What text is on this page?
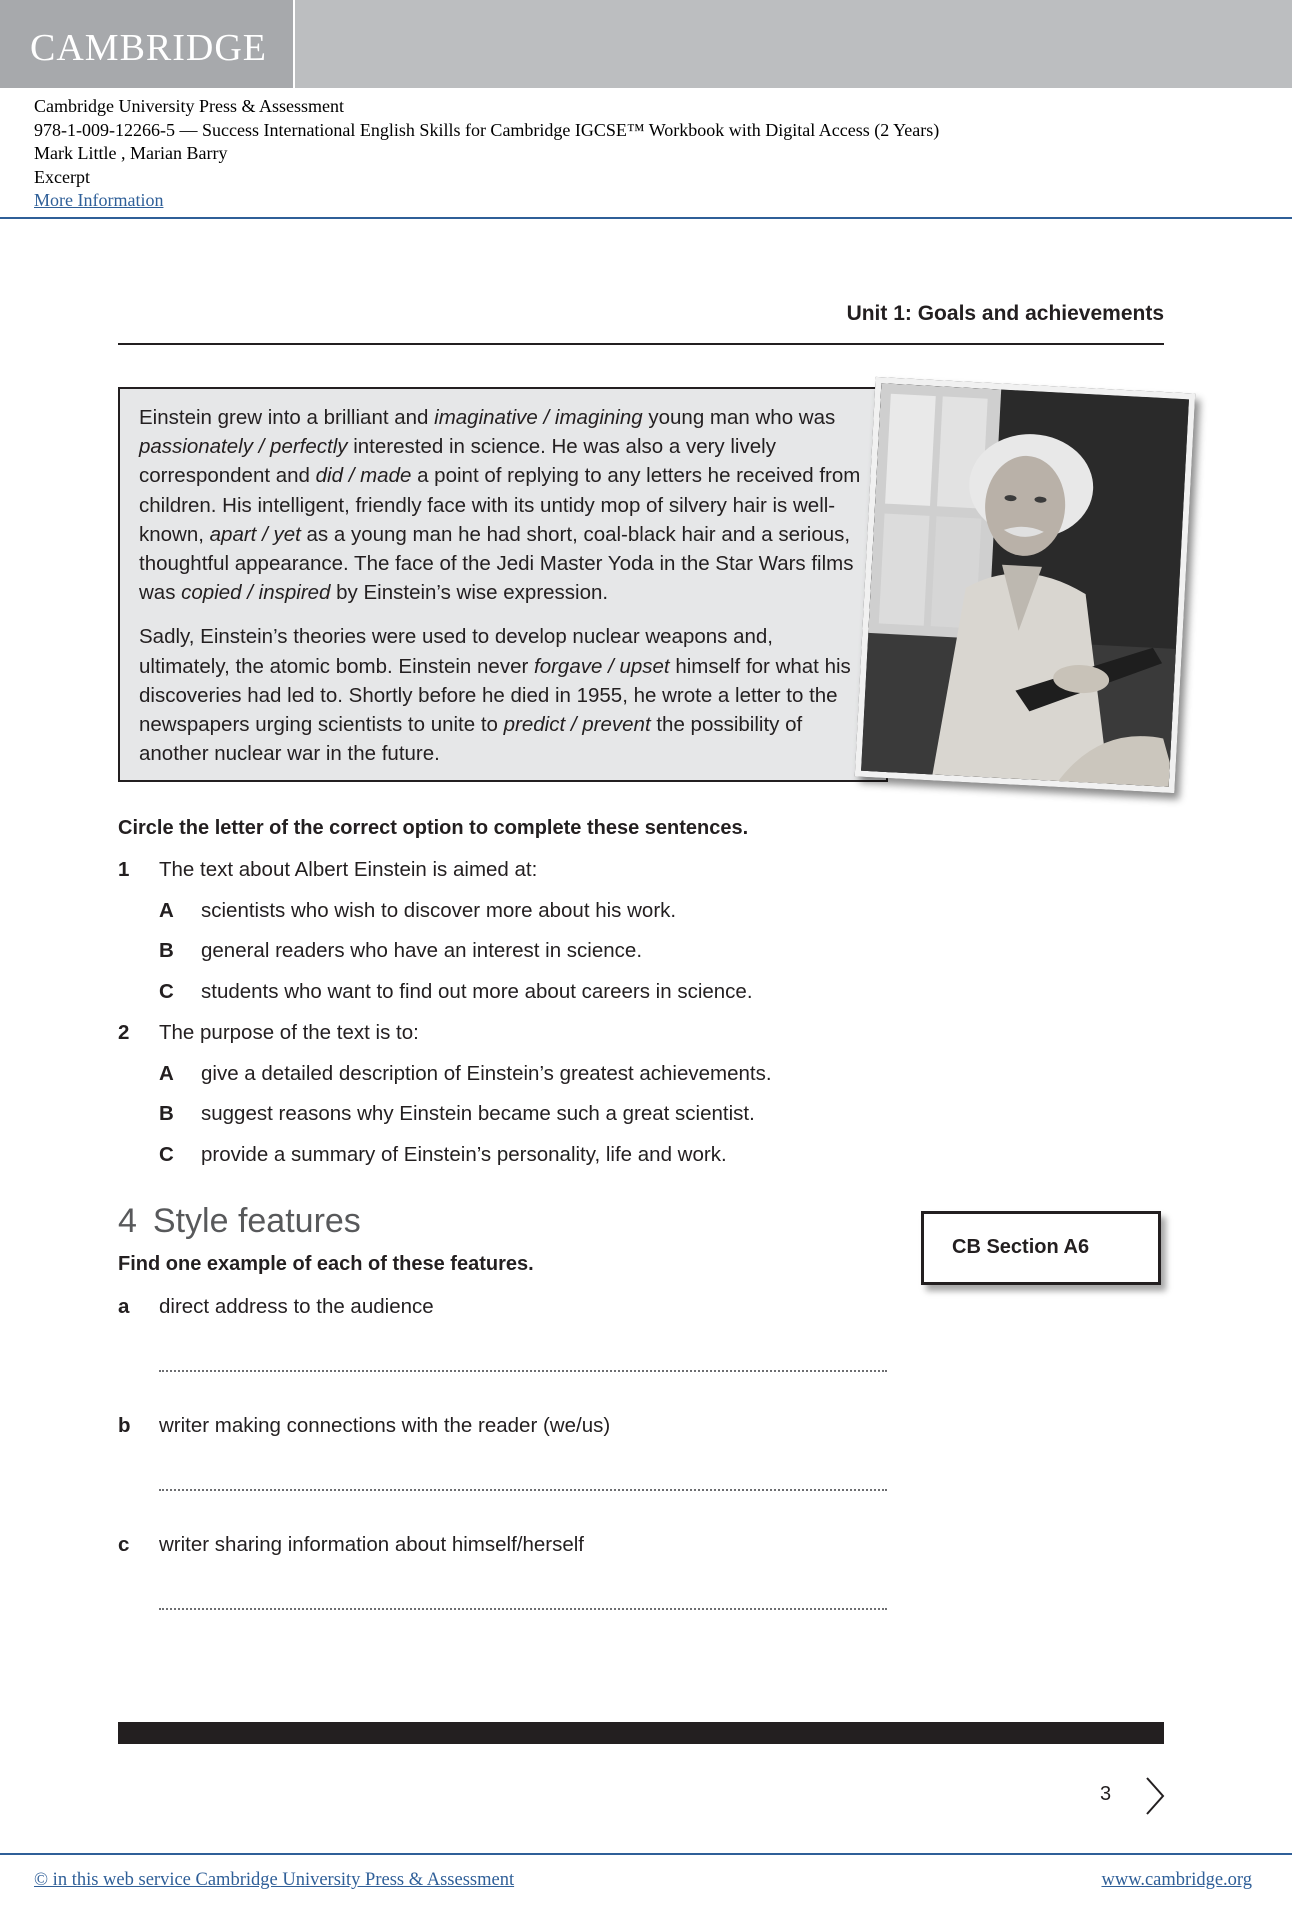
CAMBRIDGE
Cambridge University Press & Assessment
978-1-009-12266-5 — Success International English Skills for Cambridge IGCSE™ Workbook with Digital Access (2 Years)
Mark Little , Marian Barry
Excerpt
More Information
Unit 1: Goals and achievements

Einstein grew into a brilliant and imaginative / imagining young man who was passionately / perfectly interested in science. He was also a very lively correspondent and did / made a point of replying to any letters he received from children. His intelligent, friendly face with its untidy mop of silvery hair is well-known, apart / yet as a young man he had short, coal-black hair and a serious, thoughtful appearance. The face of the Jedi Master Yoda in the Star Wars films was copied / inspired by Einstein’s wise expression.

Sadly, Einstein’s theories were used to develop nuclear weapons and, ultimately, the atomic bomb. Einstein never forgave / upset himself for what his discoveries had led to. Shortly before he died in 1955, he wrote a letter to the newspapers urging scientists to unite to predict / prevent the possibility of another nuclear war in the future.

Circle the letter of the correct option to complete these sentences.
1 The text about Albert Einstein is aimed at:
A scientists who wish to discover more about his work.
B general readers who have an interest in science.
C students who want to find out more about careers in science.
2 The purpose of the text is to:
A give a detailed description of Einstein’s greatest achievements.
B suggest reasons why Einstein became such a great scientist.
C provide a summary of Einstein’s personality, life and work.
4 Style features
Find one example of each of these features.
CB Section A6
a direct address to the audience
b writer making connections with the reader (we/us)
c writer sharing information about himself/herself
3
© in this web service Cambridge University Press & Assessment	www.cambridge.org
